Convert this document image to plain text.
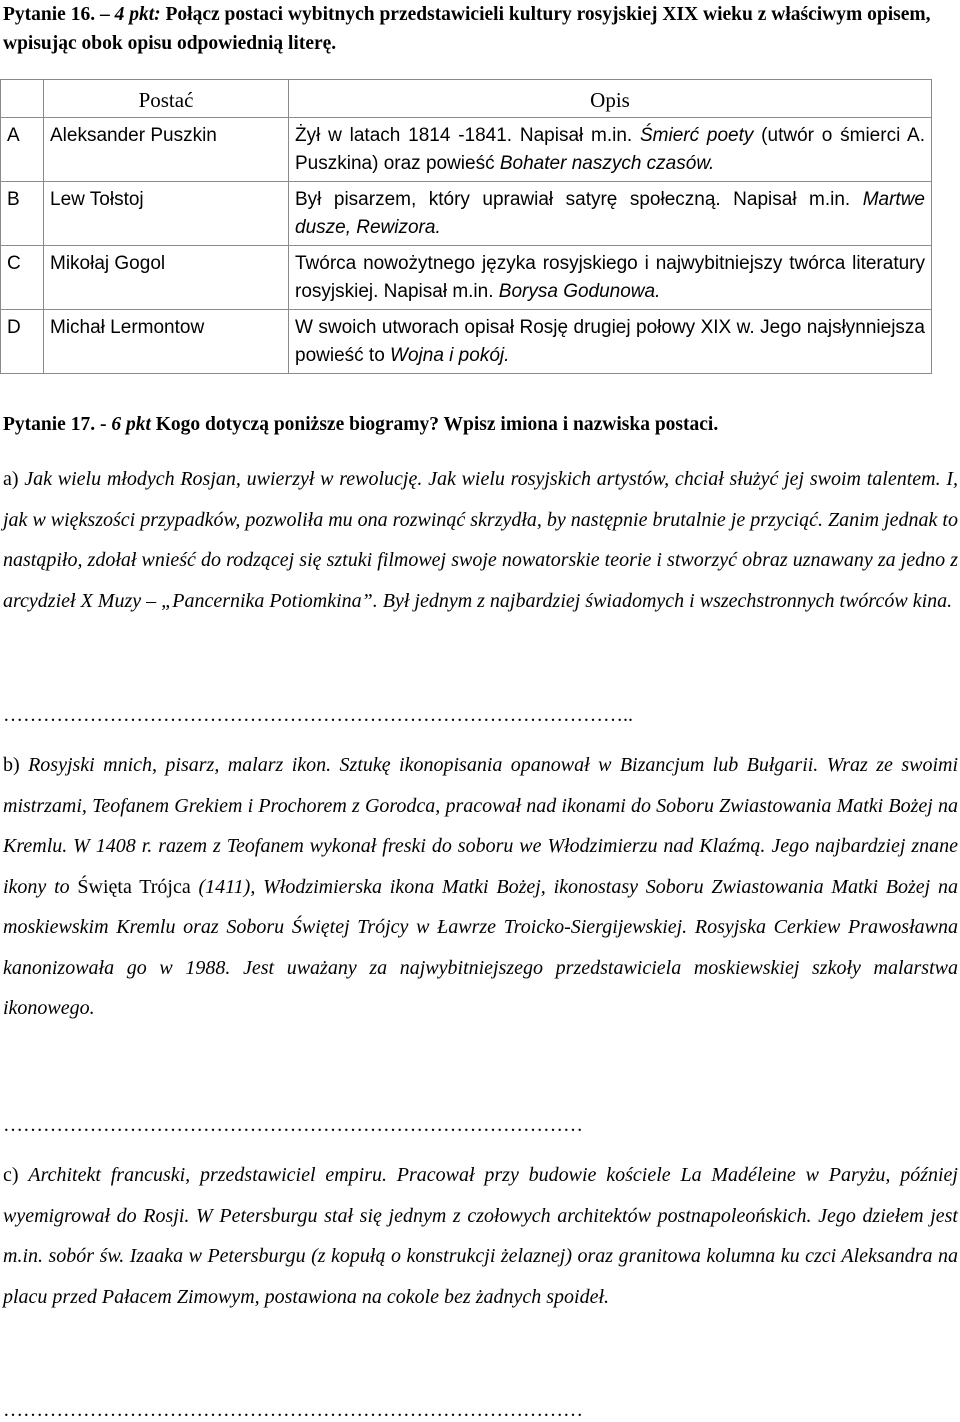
Pytanie 16. – 4 pkt: Połącz postaci wybitnych przedstawicieli kultury rosyjskiej XIX wieku z właściwym opisem, wpisując obok opisu odpowiednią literę.
	Postać	Opis
A	Aleksander Puszkin	Żył w latach 1814 -1841. Napisał m.in. Śmierć poety (utwór o śmierci A. Puszkina) oraz powieść Bohater naszych czasów.
B	Lew Tołstoj	Był pisarzem, który uprawiał satyrę społeczną. Napisał m.in. Martwe dusze, Rewizora.
C	Mikołaj Gogol	Twórca nowożytnego języka rosyjskiego i najwybitniejszy twórca literatury rosyjskiej. Napisał m.in. Borysa Godunowa.
D	Michał Lermontow	W swoich utworach opisał Rosję drugiej połowy XIX w. Jego najsłynniejsza powieść to Wojna i pokój.
Pytanie 17. - 6 pkt Kogo dotyczą poniższe biogramy? Wpisz imiona i nazwiska postaci.
a) Jak wielu młodych Rosjan, uwierzył w rewolucję. Jak wielu rosyjskich artystów, chciał służyć jej swoim talentem. I, jak w większości przypadków, pozwoliła mu ona rozwinąć skrzydła, by następnie brutalnie je przyciąć. Zanim jednak to nastąpiło, zdołał wnieść do rodzącej się sztuki filmowej swoje nowatorskie teorie i stworzyć obraz uznawany za jedno z arcydzieł X Muzy – „Pancernika Potiomkina”. Był jednym z najbardziej świadomych i wszechstronnych twórców kina.
…………………………………………………………………………………..
b) Rosyjski mnich, pisarz, malarz ikon. Sztukę ikonopisania opanował w Bizancjum lub Bułgarii. Wraz ze swoimi mistrzami, Teofanem Grekiem i Prochorem z Gorodca, pracował nad ikonami do Soboru Zwiastowania Matki Bożej na Kremlu. W 1408 r. razem z Teofanem wykonał freski do soboru we Włodzimierzu nad Klaźmą. Jego najbardziej znane ikony to Święta Trójca (1411), Włodzimierska ikona Matki Bożej, ikonostasy Soboru Zwiastowania Matki Bożej na moskiewskim Kremlu oraz Soboru Świętej Trójcy w Ławrze Troicko-Siergijewskiej. Rosyjska Cerkiew Prawosławna kanonizowała go w 1988. Jest uważany za najwybitniejszego przedstawiciela moskiewskiej szkoły malarstwa ikonowego.
……………………………………………………………………………
c) Architekt francuski, przedstawiciel empiru. Pracował przy budowie kościele La Madéleine w Paryżu, później wyemigrował do Rosji. W Petersburgu stał się jednym z czołowych architektów postnapoleońskich. Jego dziełem jest m.in. sobór św. Izaaka w Petersburgu (z kopułą o konstrukcji żelaznej) oraz granitowa kolumna ku czci Aleksandra na placu przed Pałacem Zimowym, postawiona na cokole bez żadnych spoideł.
……………………………………………………………………………
